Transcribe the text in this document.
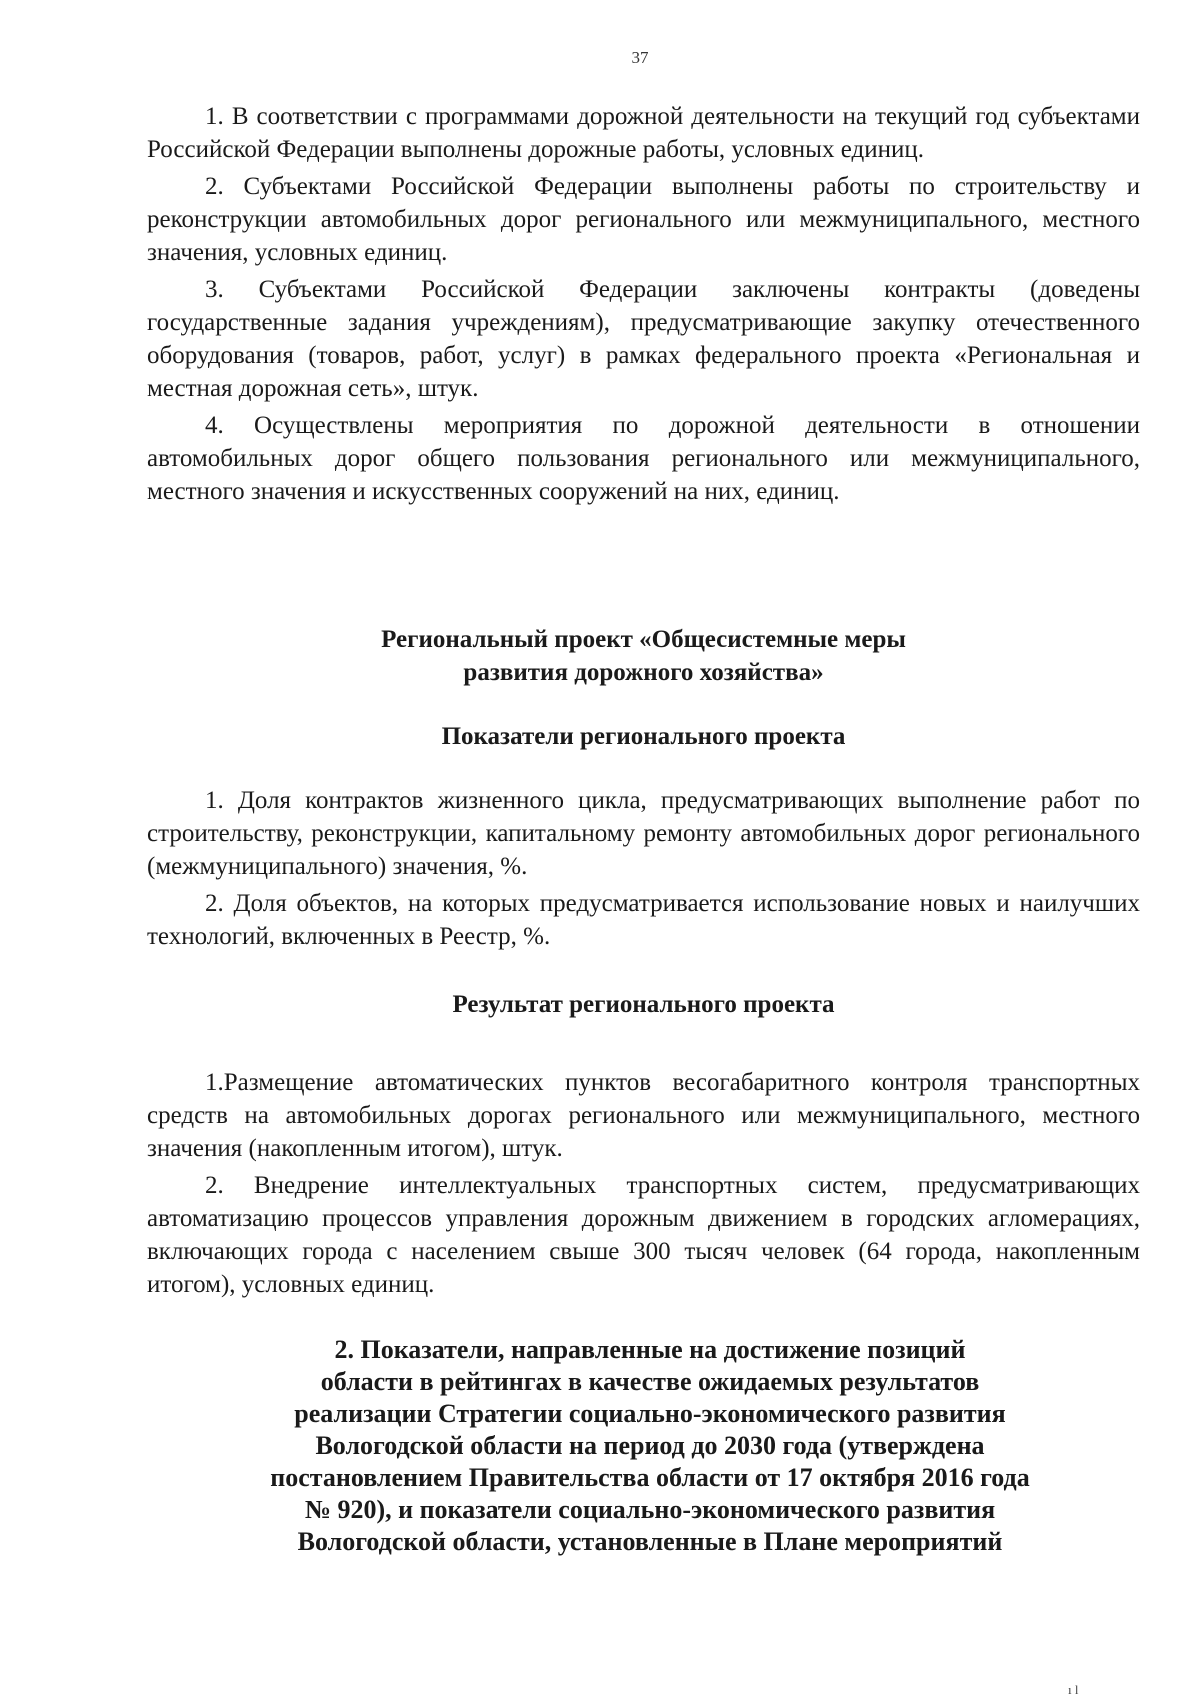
37

1. В соответствии с программами дорожной деятельности на текущий год субъектами Российской Федерации выполнены дорожные работы, условных единиц.

2. Субъектами Российской Федерации выполнены работы по строительству и реконструкции автомобильных дорог регионального или межмуниципального, местного значения, условных единиц.

3. Субъектами Российской Федерации заключены контракты (доведены государственные задания учреждениям), предусматривающие закупку отечественного оборудования (товаров, работ, услуг) в рамках федерального проекта «Региональная и местная дорожная сеть», штук.

4. Осуществлены мероприятия по дорожной деятельности в отношении автомобильных дорог общего пользования регионального или межмуниципального, местного значения и искусственных сооружений на них, единиц.

Региональный проект «Общесистемные меры
развития дорожного хозяйства»
Показатели регионального проекта

1. Доля контрактов жизненного цикла, предусматривающих выполнение работ по строительству, реконструкции, капитальному ремонту автомобильных дорог регионального (межмуниципального) значения, %.

2. Доля объектов, на которых предусматривается использование новых и наилучших технологий, включенных в Реестр, %.

Результат регионального проекта

1.Размещение автоматических пунктов весогабаритного контроля транспортных средств на автомобильных дорогах регионального или межмуниципального, местного значения (накопленным итогом), штук.

2. Внедрение интеллектуальных транспортных систем, предусматривающих автоматизацию процессов управления дорожным движением в городских агломерациях, включающих города с населением свыше 300 тысяч человек (64 города, накопленным итогом), условных единиц.

2. Показатели, направленные на достижение позиций
области в рейтингах в качестве ожидаемых результатов
реализации Стратегии социально-экономического развития
Вологодской области на период до 2030 года (утверждена
постановлением Правительства области от 17 октября 2016 года
№ 920), и показатели социально-экономического развития
Вологодской области, установленные в Плане мероприятий
ı l
